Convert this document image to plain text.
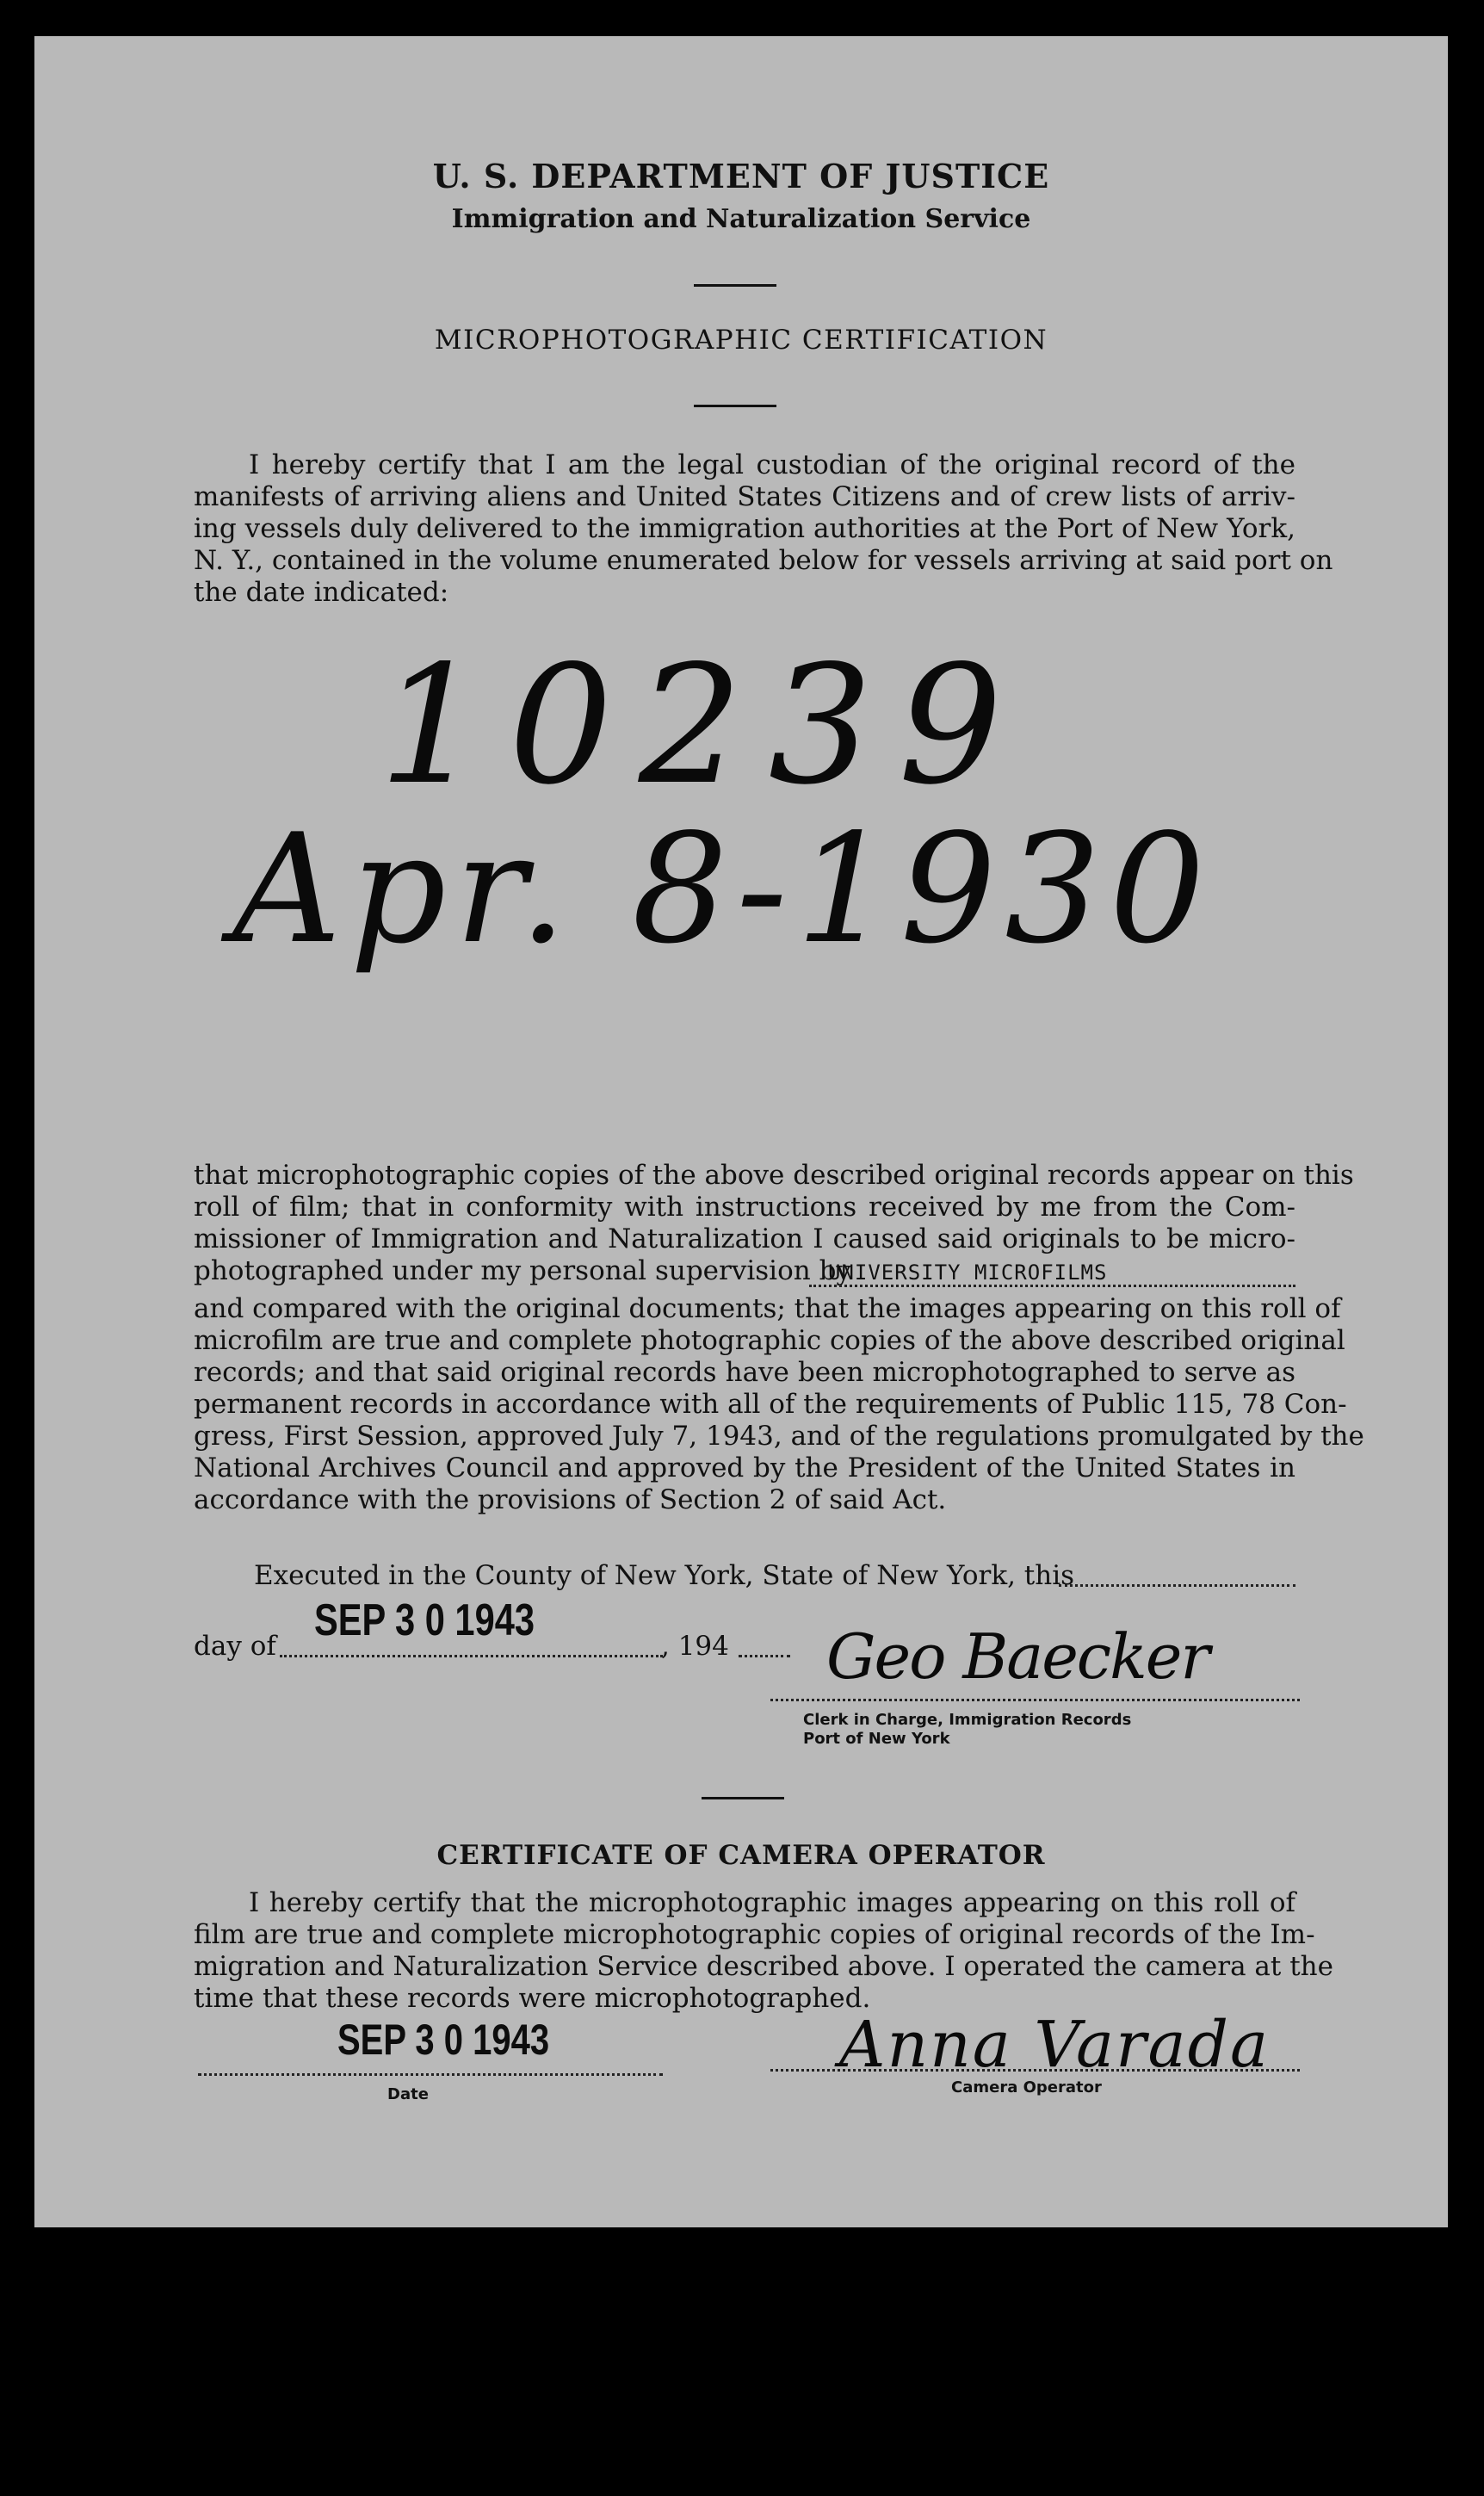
U. S. DEPARTMENT OF JUSTICE
Immigration and Naturalization Service
MICROPHOTOGRAPHIC CERTIFICATION
I hereby certify that I am the legal custodian of the original record of the
manifests of arriving aliens and United States Citizens and of crew lists of arriv-
ing vessels duly delivered to the immigration authorities at the Port of New York,
N. Y., contained in the volume enumerated below for vessels arriving at said port on
the date indicated:
10239
Apr. 8-1930
that microphotographic copies of the above described original records appear on this
roll of film; that in conformity with instructions received by me from the Com-
missioner of Immigration and Naturalization I caused said originals to be micro-
photographed under my personal supervision by
UNIVERSITY MICROFILMS
and compared with the original documents; that the images appearing on this roll of
microfilm are true and complete photographic copies of the above described original
records; and that said original records have been microphotographed to serve as
permanent records in accordance with all of the requirements of Public 115, 78 Con-
gress, First Session, approved July 7, 1943, and of the regulations promulgated by the
National Archives Council and approved by the President of the United States in
accordance with the provisions of Section 2 of said Act.
Executed in the County of New York, State of New York, this
day of
SEP 3 0 1943
, 194 Geo Baecker
Clerk in Charge, Immigration Records
Port of New York
CERTIFICATE OF CAMERA OPERATOR
I hereby certify that the microphotographic images appearing on this roll of
film are true and complete microphotographic copies of original records of the Im-
migration and Naturalization Service described above. I operated the camera at the
time that these records were microphotographed.
SEP 3 0 1943
Date
Anna Varada
Camera Operator
